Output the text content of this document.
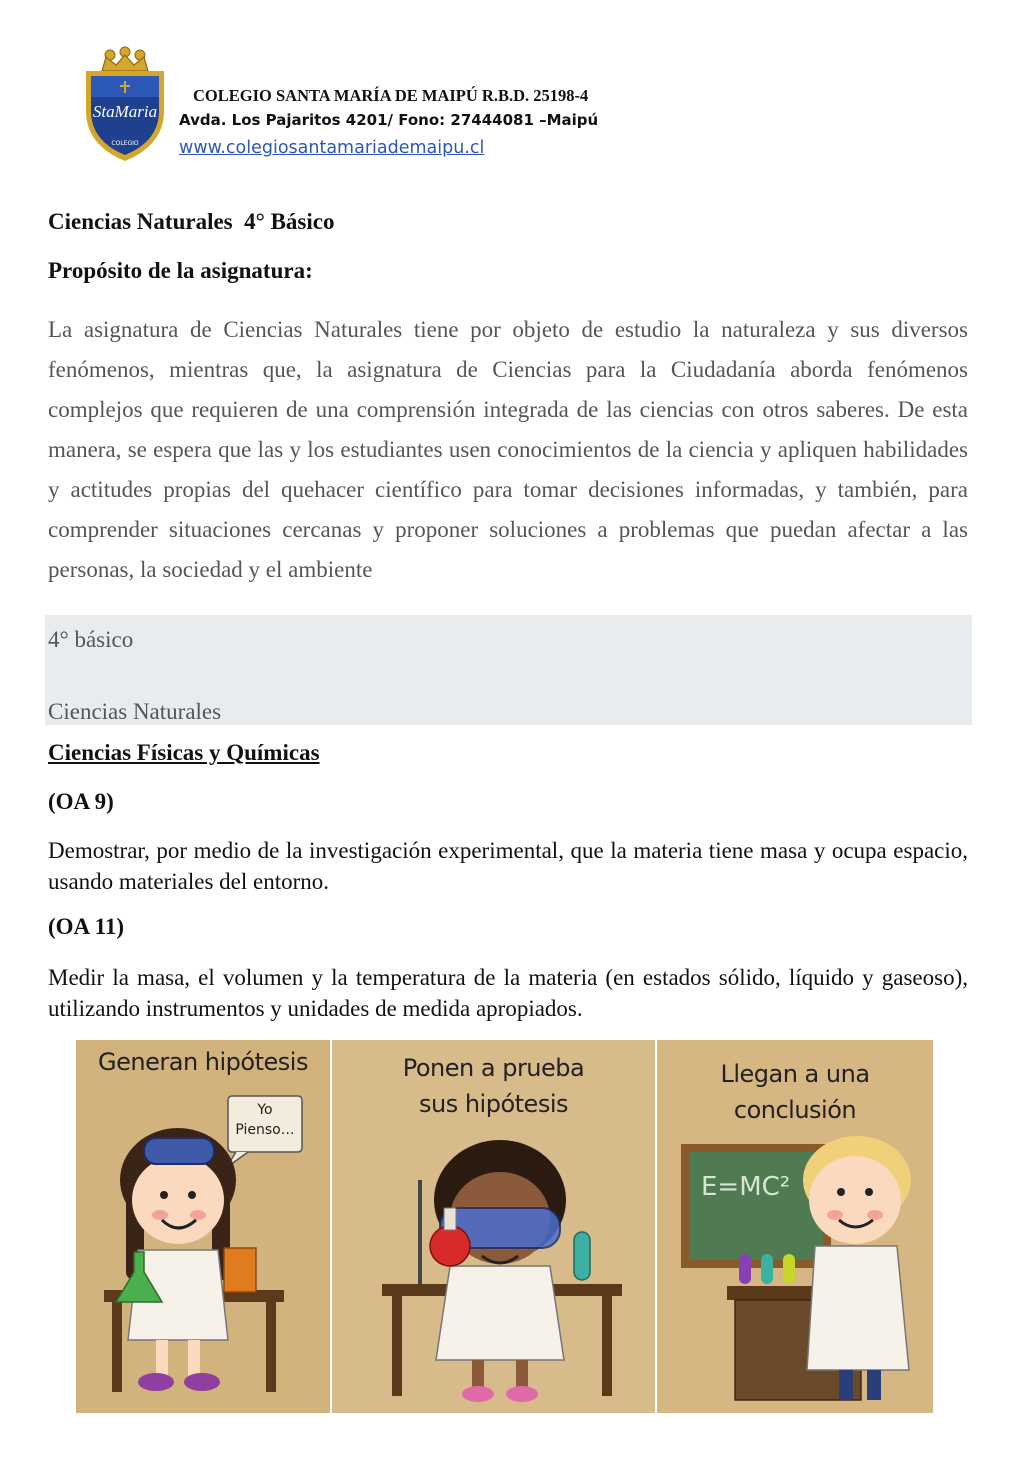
StaMaria
COLEGIO
COLEGIO SANTA MARÍA DE MAIPÚ R.B.D. 25198-4
Avda. Los Pajaritos 4201/ Fono: 27444081 –Maipú
www.colegiosantamariademaipu.cl
Ciencias Naturales  4° Básico
Propósito de la asignatura:
La asignatura de Ciencias Naturales tiene por objeto de estudio la naturaleza y sus diversos fenómenos, mientras que, la asignatura de Ciencias para la Ciudadanía aborda fenómenos complejos que requieren de una comprensión integrada de las ciencias con otros saberes. De esta manera, se espera que las y los estudiantes usen conocimientos de la ciencia y apliquen habilidades y actitudes propias del quehacer científico para tomar decisiones informadas, y también, para comprender situaciones cercanas y proponer soluciones a problemas que puedan afectar a las personas, la sociedad y el ambiente
4° básico
Ciencias Naturales
Ciencias Físicas y Químicas
(OA 9)
Demostrar, por medio de la investigación experimental, que la materia tiene masa y ocupa espacio, usando materiales del entorno.
(OA 11)
Medir la masa, el volumen y la temperatura de la materia (en estados sólido, líquido y gaseoso), utilizando instrumentos y unidades de medida apropiados.
Generan hipótesis
Yo
Pienso…
Ponen a prueba
sus hipótesis
Llegan a una
conclusión
E=MC²
